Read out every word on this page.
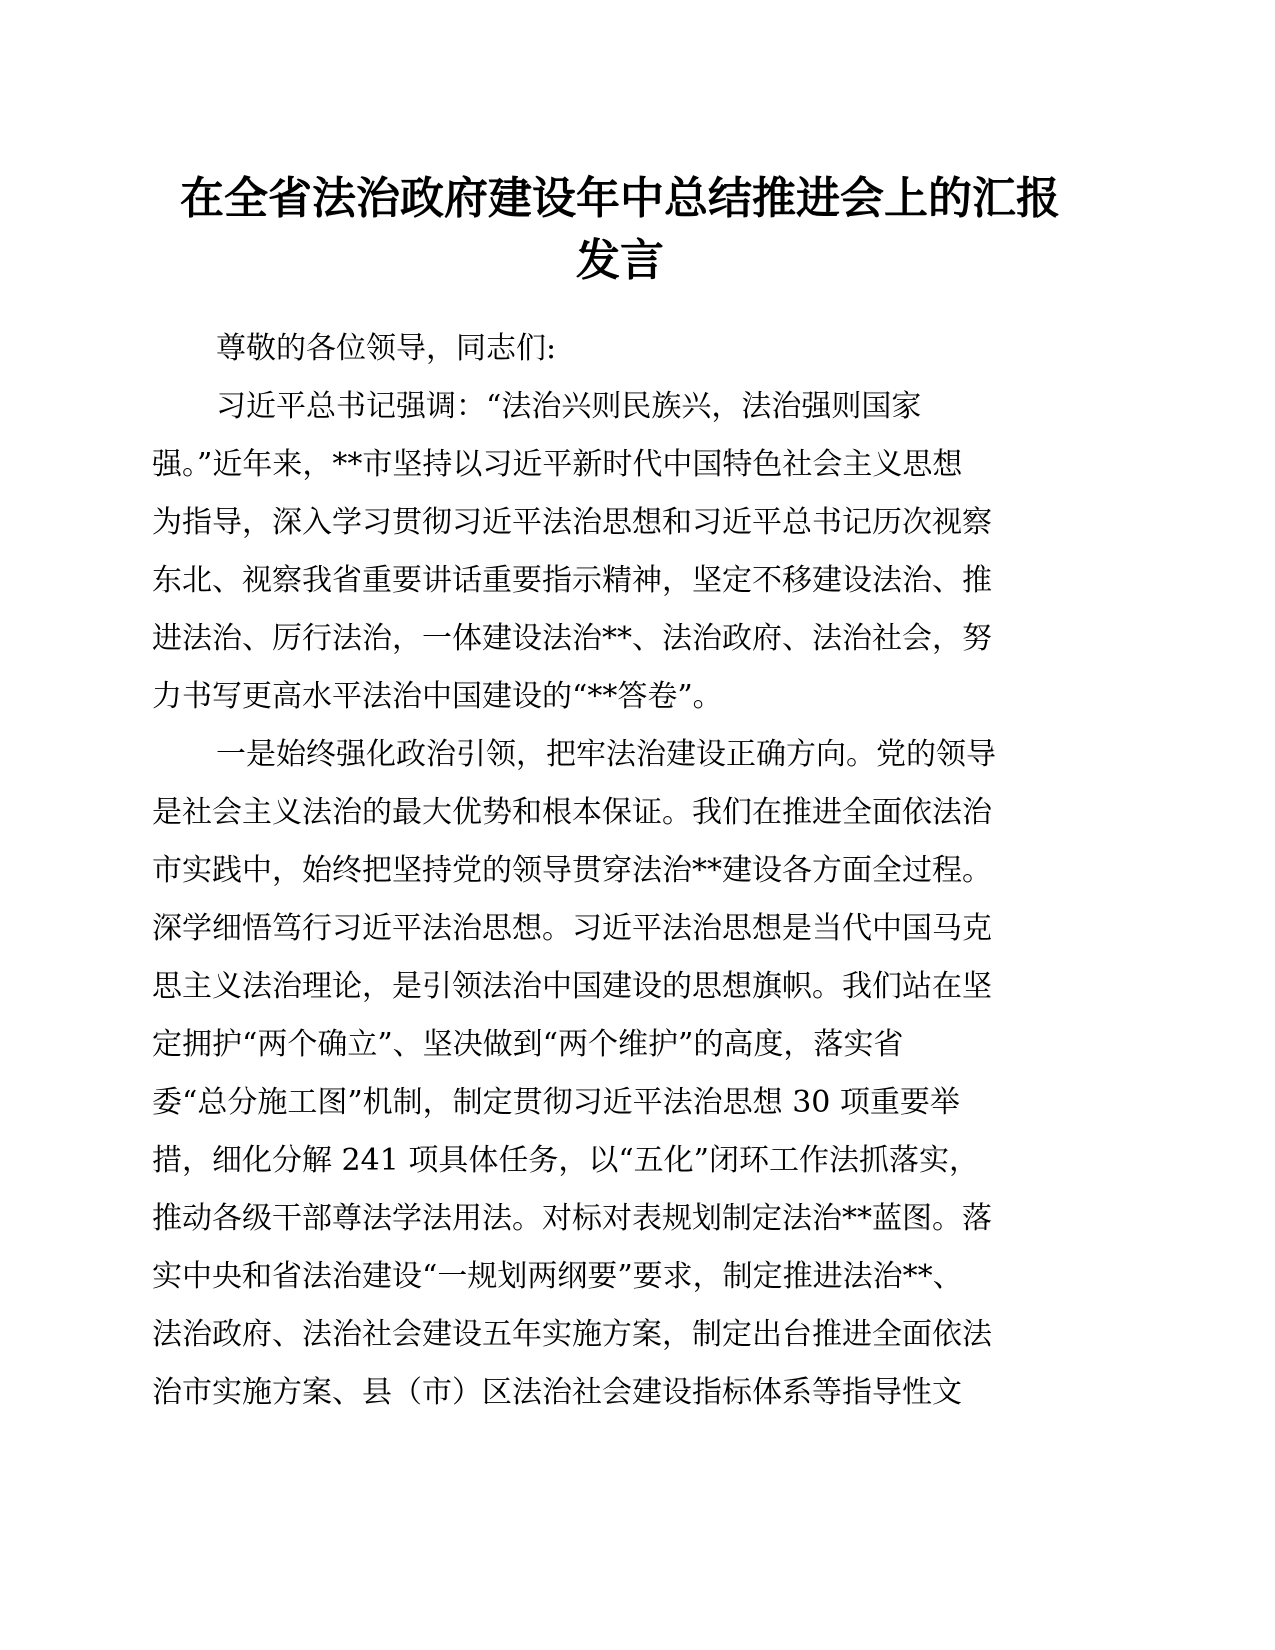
在全省法治政府建设年中总结推进会上的汇报
发言
尊敬的各位领导，同志们:
习近平总书记强调：“法治兴则民族兴，法治强则国家
强。”近年来，**市坚持以习近平新时代中国特色社会主义思想
为指导，深入学习贯彻习近平法治思想和习近平总书记历次视察
东北、视察我省重要讲话重要指示精神，坚定不移建设法治、推
进法治、厉行法治，一体建设法治**、法治政府、法治社会，努
力书写更高水平法治中国建设的“**答卷”。
一是始终强化政治引领，把牢法治建设正确方向。党的领导
是社会主义法治的最大优势和根本保证。我们在推进全面依法治
市实践中，始终把坚持党的领导贯穿法治**建设各方面全过程。
深学细悟笃行习近平法治思想。习近平法治思想是当代中国马克
思主义法治理论，是引领法治中国建设的思想旗帜。我们站在坚
定拥护“两个确立”、坚决做到“两个维护”的高度，落实省
委“总分施工图”机制，制定贯彻习近平法治思想 30 项重要举
措，细化分解 241 项具体任务，以“五化”闭环工作法抓落实，
推动各级干部尊法学法用法。对标对表规划制定法治**蓝图。落
实中央和省法治建设“一规划两纲要”要求，制定推进法治**、
法治政府、法治社会建设五年实施方案，制定出台推进全面依法
治市实施方案、县（市）区法治社会建设指标体系等指导性文
